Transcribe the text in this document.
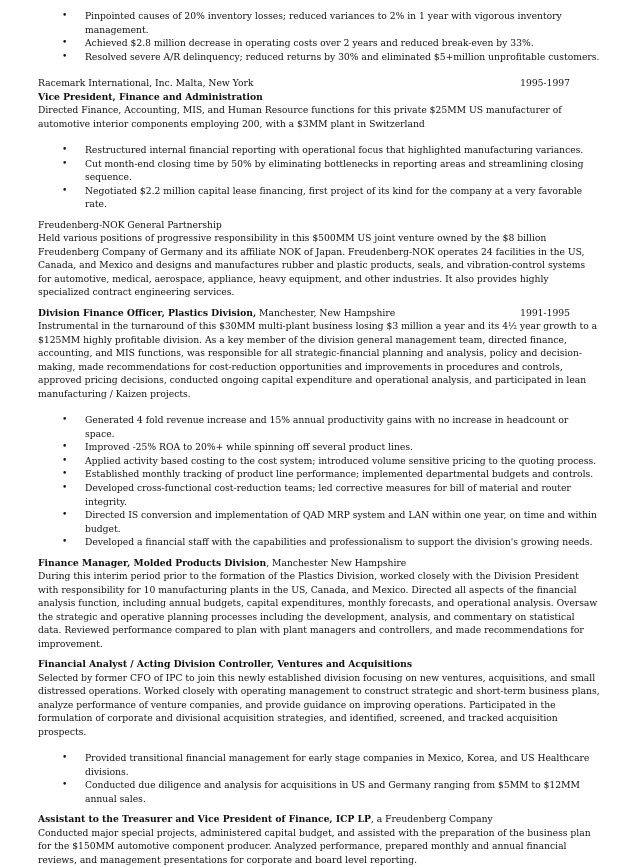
• Pinpointed causes of 20% inventory losses; reduced variances to 2% in 1 year with vigorous inventory management.
• Achieved $2.8 million decrease in operating costs over 2 years and reduced break-even by 33%.
• Resolved severe A/R delinquency; reduced returns by 30% and eliminated $5+million unprofitable customers.
Racemark International, Inc. Malta, New York	1995-1997
Vice President, Finance and Administration

Directed Finance, Accounting, MIS, and Human Resource functions for this private $25MM US manufacturer of automotive interior components employing 200, with a $3MM plant in Switzerland

• Restructured internal financial reporting with operational focus that highlighted manufacturing variances.
• Cut month-end closing time by 50% by eliminating bottlenecks in reporting areas and streamlining closing sequence.
• Negotiated $2.2 million capital lease financing, first project of its kind for the company at a very favorable rate.
Freudenberg-NOK General Partnership

Held various positions of progressive responsibility in this $500MM US joint venture owned by the $8 billion Freudenberg Company of Germany and its affiliate NOK of Japan. Freudenberg-NOK operates 24 facilities in the US, Canada, and Mexico and designs and manufactures rubber and plastic products, seals, and vibration-control systems for automotive, medical, aerospace, appliance, heavy equipment, and other industries. It also provides highly specialized contract engineering services.

Division Finance Officer, Plastics Division, Manchester, New Hampshire	1991-1995

Instrumental in the turnaround of this $30MM multi-plant business losing $3 million a year and its 4½ year growth to a $125MM highly profitable division. As a key member of the division general management team, directed finance, accounting, and MIS functions, was responsible for all strategic-financial planning and analysis, policy and decision-making, made recommendations for cost-reduction opportunities and improvements in procedures and controls, approved pricing decisions, conducted ongoing capital expenditure and operational analysis, and participated in lean manufacturing / Kaizen projects.

• Generated 4 fold revenue increase and 15% annual productivity gains with no increase in headcount or space.
• Improved -25% ROA to 20%+ while spinning off several product lines.
• Applied activity based costing to the cost system; introduced volume sensitive pricing to the quoting process.
• Established monthly tracking of product line performance; implemented departmental budgets and controls.
• Developed cross-functional cost-reduction teams; led corrective measures for bill of material and router integrity.
• Directed IS conversion and implementation of QAD MRP system and LAN within one year, on time and within budget.
• Developed a financial staff with the capabilities and professionalism to support the division's growing needs.
Finance Manager, Molded Products Division, Manchester New Hampshire

During this interim period prior to the formation of the Plastics Division, worked closely with the Division President with responsibility for 10 manufacturing plants in the US, Canada, and Mexico. Directed all aspects of the financial analysis function, including annual budgets, capital expenditures, monthly forecasts, and operational analysis. Oversaw the strategic and operative planning processes including the development, analysis, and commentary on statistical data. Reviewed performance compared to plan with plant managers and controllers, and made recommendations for improvement.

Financial Analyst / Acting Division Controller, Ventures and Acquisitions

Selected by former CFO of IPC to join this newly established division focusing on new ventures, acquisitions, and small distressed operations. Worked closely with operating management to construct strategic and short-term business plans, analyze performance of venture companies, and provide guidance on improving operations. Participated in the formulation of corporate and divisional acquisition strategies, and identified, screened, and tracked acquisition prospects.

• Provided transitional financial management for early stage companies in Mexico, Korea, and US Healthcare divisions.
• Conducted due diligence and analysis for acquisitions in US and Germany ranging from $5MM to $12MM annual sales.
Assistant to the Treasurer and Vice President of Finance, ICP LP, a Freudenberg Company

Conducted major special projects, administered capital budget, and assisted with the preparation of the business plan for the $150MM automotive component producer. Analyzed performance, prepared monthly and annual financial reviews, and management presentations for corporate and board level reporting.
